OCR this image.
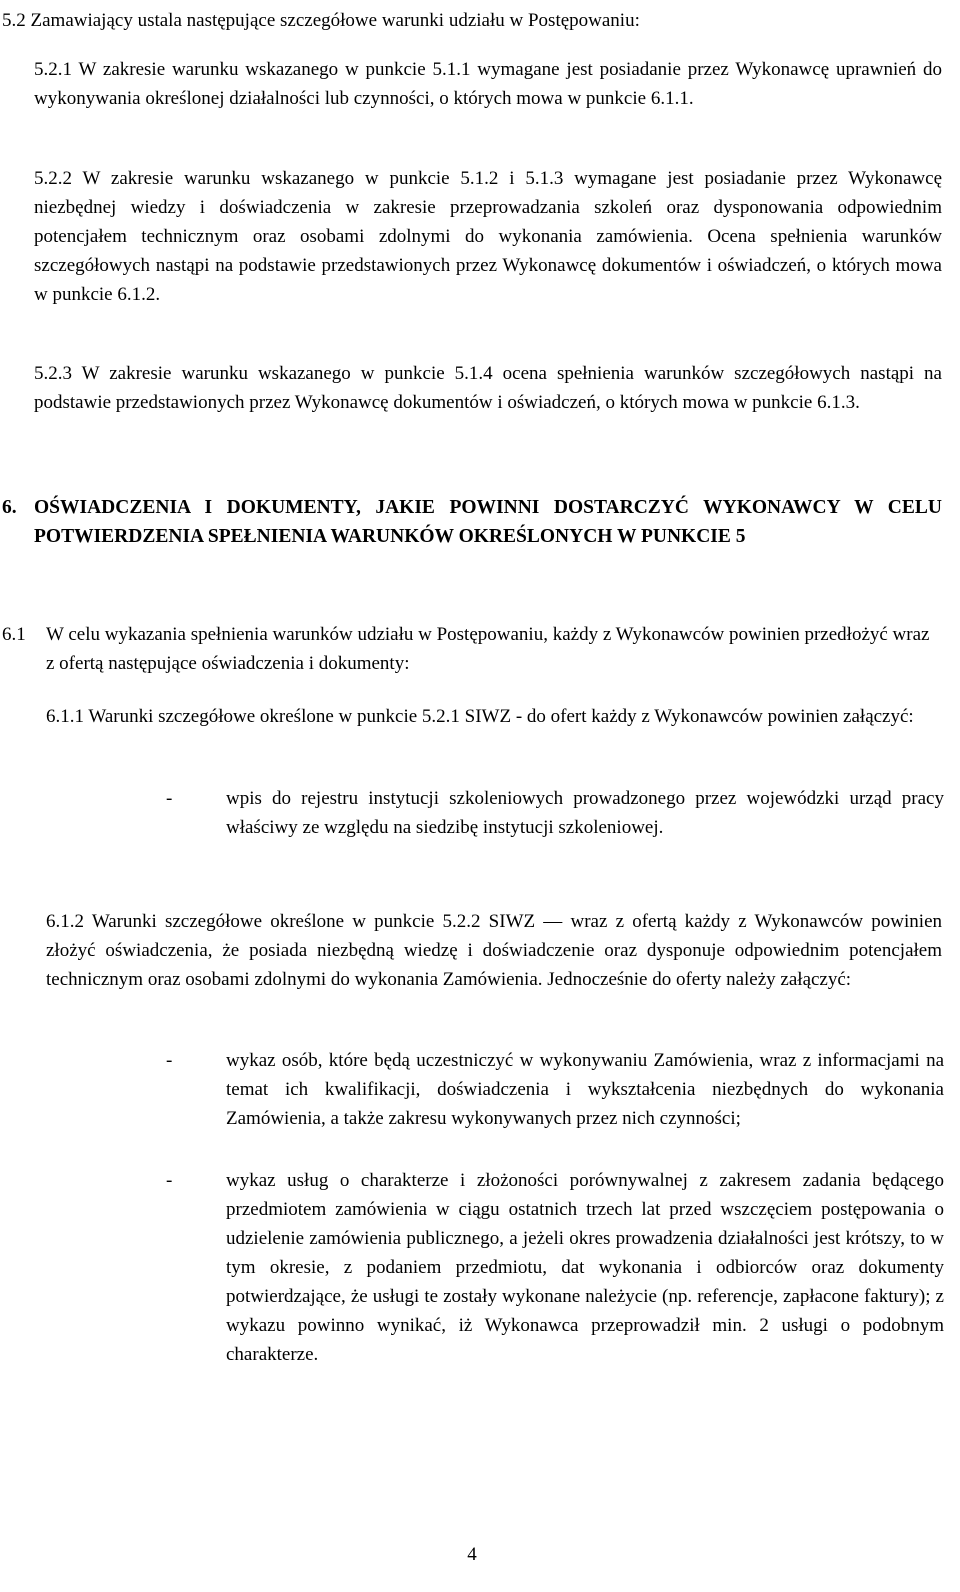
5.2 Zamawiający ustala następujące szczegółowe warunki udziału w Postępowaniu:

5.2.1 W zakresie warunku wskazanego w punkcie 5.1.1 wymagane jest posiadanie przez Wykonawcę uprawnień do wykonywania określonej działalności lub czynności, o których mowa w punkcie 6.1.1.

5.2.2 W zakresie warunku wskazanego w punkcie 5.1.2 i 5.1.3 wymagane jest posiadanie przez Wykonawcę niezbędnej wiedzy i doświadczenia w zakresie przeprowadzania szkoleń oraz dysponowania odpowiednim potencjałem technicznym oraz osobami zdolnymi do wykonania zamówienia. Ocena spełnienia warunków szczegółowych nastąpi na podstawie przedstawionych przez Wykonawcę dokumentów i oświadczeń, o których mowa w punkcie 6.1.2.

5.2.3 W zakresie warunku wskazanego w punkcie 5.1.4 ocena spełnienia warunków szczegółowych nastąpi na podstawie przedstawionych przez Wykonawcę dokumentów i oświadczeń, o których mowa w punkcie 6.1.3.

6. OŚWIADCZENIA I DOKUMENTY, JAKIE POWINNI DOSTARCZYĆ WYKONAWCY W CELU POTWIERDZENIA SPEŁNIENIA WARUNKÓW OKREŚLONYCH W PUNKCIE 5
6.1 W celu wykazania spełnienia warunków udziału w Postępowaniu, każdy z Wykonawców powinien przedłożyć wraz z ofertą następujące oświadczenia i dokumenty:

6.1.1 Warunki szczegółowe określone w punkcie 5.2.1 SIWZ - do ofert każdy z Wykonawców powinien załączyć:

-	wpis do rejestru instytucji szkoleniowych prowadzonego przez wojewódzki urząd pracy właściwy ze względu na siedzibę instytucji szkoleniowej.

6.1.2 Warunki szczegółowe określone w punkcie 5.2.2 SIWZ — wraz z ofertą każdy z Wykonawców powinien złożyć oświadczenia, że posiada niezbędną wiedzę i doświadczenie oraz dysponuje odpowiednim potencjałem technicznym oraz osobami zdolnymi do wykonania Zamówienia. Jednocześnie do oferty należy załączyć:

-	wykaz osób, które będą uczestniczyć w wykonywaniu Zamówienia, wraz z informacjami na temat ich kwalifikacji, doświadczenia i wykształcenia niezbędnych do wykonania Zamówienia, a także zakresu wykonywanych przez nich czynności;
-	wykaz usług o charakterze i złożoności porównywalnej z zakresem zadania będącego przedmiotem zamówienia w ciągu ostatnich trzech lat przed wszczęciem postępowania o udzielenie zamówienia publicznego, a jeżeli okres prowadzenia działalności jest krótszy, to w tym okresie, z podaniem przedmiotu, dat wykonania i odbiorców oraz dokumenty potwierdzające, że usługi te zostały wykonane należycie (np. referencje, zapłacone faktury); z wykazu powinno wynikać, iż Wykonawca przeprowadził min. 2 usługi o podobnym charakterze.
4
